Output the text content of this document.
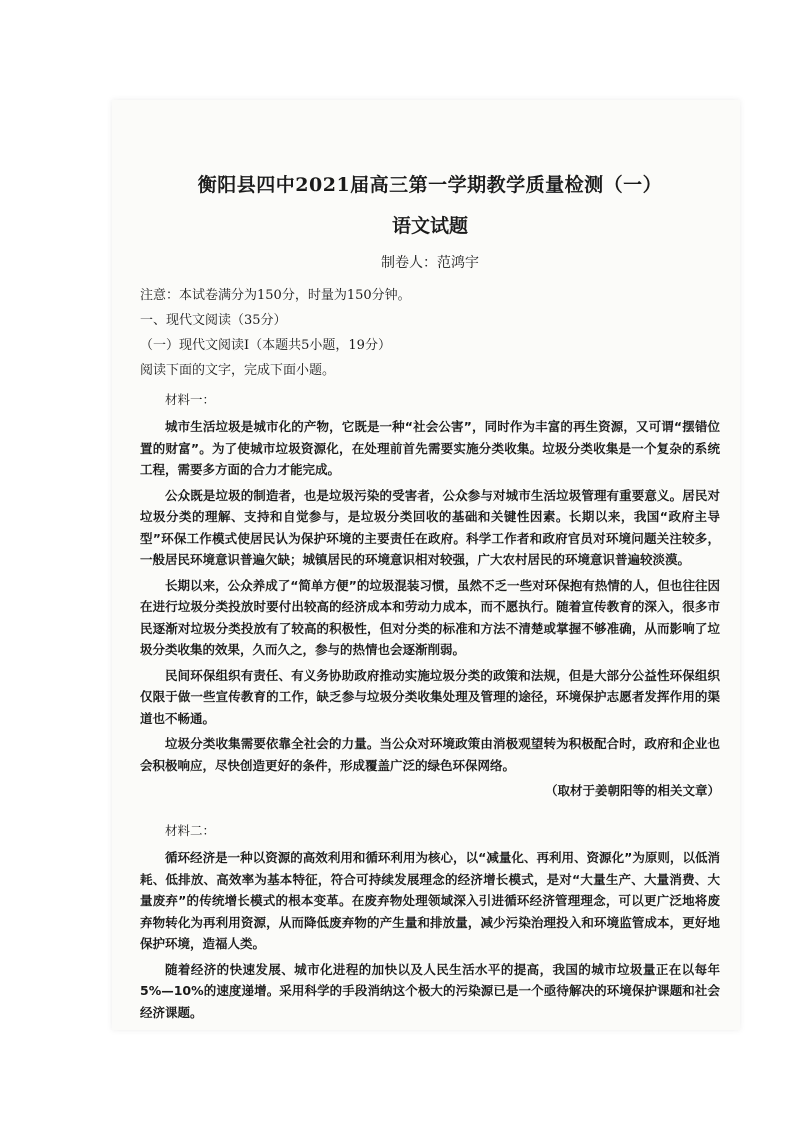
衡阳县四中2021届高三第一学期教学质量检测（一）
语文试题
制卷人：范鸿宇
注意：本试卷满分为150分，时量为150分钟。
一、现代文阅读（35分）
（一）现代文阅读Ⅰ（本题共5小题，19分）
阅读下面的文字，完成下面小题。
材料一：

城市生活垃圾是城市化的产物，它既是一种“社会公害”，同时作为丰富的再生资源，又可谓“摆错位置的财富”。为了使城市垃圾资源化，在处理前首先需要实施分类收集。垃圾分类收集是一个复杂的系统工程，需要多方面的合力才能完成。

公众既是垃圾的制造者，也是垃圾污染的受害者，公众参与对城市生活垃圾管理有重要意义。居民对垃圾分类的理解、支持和自觉参与，是垃圾分类回收的基础和关键性因素。长期以来，我国“政府主导型”环保工作模式使居民认为保护环境的主要责任在政府。科学工作者和政府官员对环境问题关注较多，一般居民环境意识普遍欠缺；城镇居民的环境意识相对较强，广大农村居民的环境意识普遍较淡漠。

长期以来，公众养成了“简单方便”的垃圾混装习惯，虽然不乏一些对环保抱有热情的人，但也往往因在进行垃圾分类投放时要付出较高的经济成本和劳动力成本，而不愿执行。随着宣传教育的深入，很多市民逐渐对垃圾分类投放有了较高的积极性，但对分类的标准和方法不清楚或掌握不够准确，从而影响了垃圾分类收集的效果，久而久之，参与的热情也会逐渐削弱。

民间环保组织有责任、有义务协助政府推动实施垃圾分类的政策和法规，但是大部分公益性环保组织仅限于做一些宣传教育的工作，缺乏参与垃圾分类收集处理及管理的途径，环境保护志愿者发挥作用的渠道也不畅通。

垃圾分类收集需要依靠全社会的力量。当公众对环境政策由消极观望转为积极配合时，政府和企业也会积极响应，尽快创造更好的条件，形成覆盖广泛的绿色环保网络。

（取材于姜朝阳等的相关文章）
材料二：

循环经济是一种以资源的高效利用和循环利用为核心，以“减量化、再利用、资源化”为原则，以低消耗、低排放、高效率为基本特征，符合可持续发展理念的经济增长模式，是对“大量生产、大量消费、大量废弃”的传统增长模式的根本变革。在废弃物处理领域深入引进循环经济管理理念，可以更广泛地将废弃物转化为再利用资源，从而降低废弃物的产生量和排放量，减少污染治理投入和环境监管成本，更好地保护环境，造福人类。

随着经济的快速发展、城市化进程的加快以及人民生活水平的提高，我国的城市垃圾量正在以每年5%—10%的速度递增。采用科学的手段消纳这个极大的污染源已是一个亟待解决的环境保护课题和社会经济课题。
